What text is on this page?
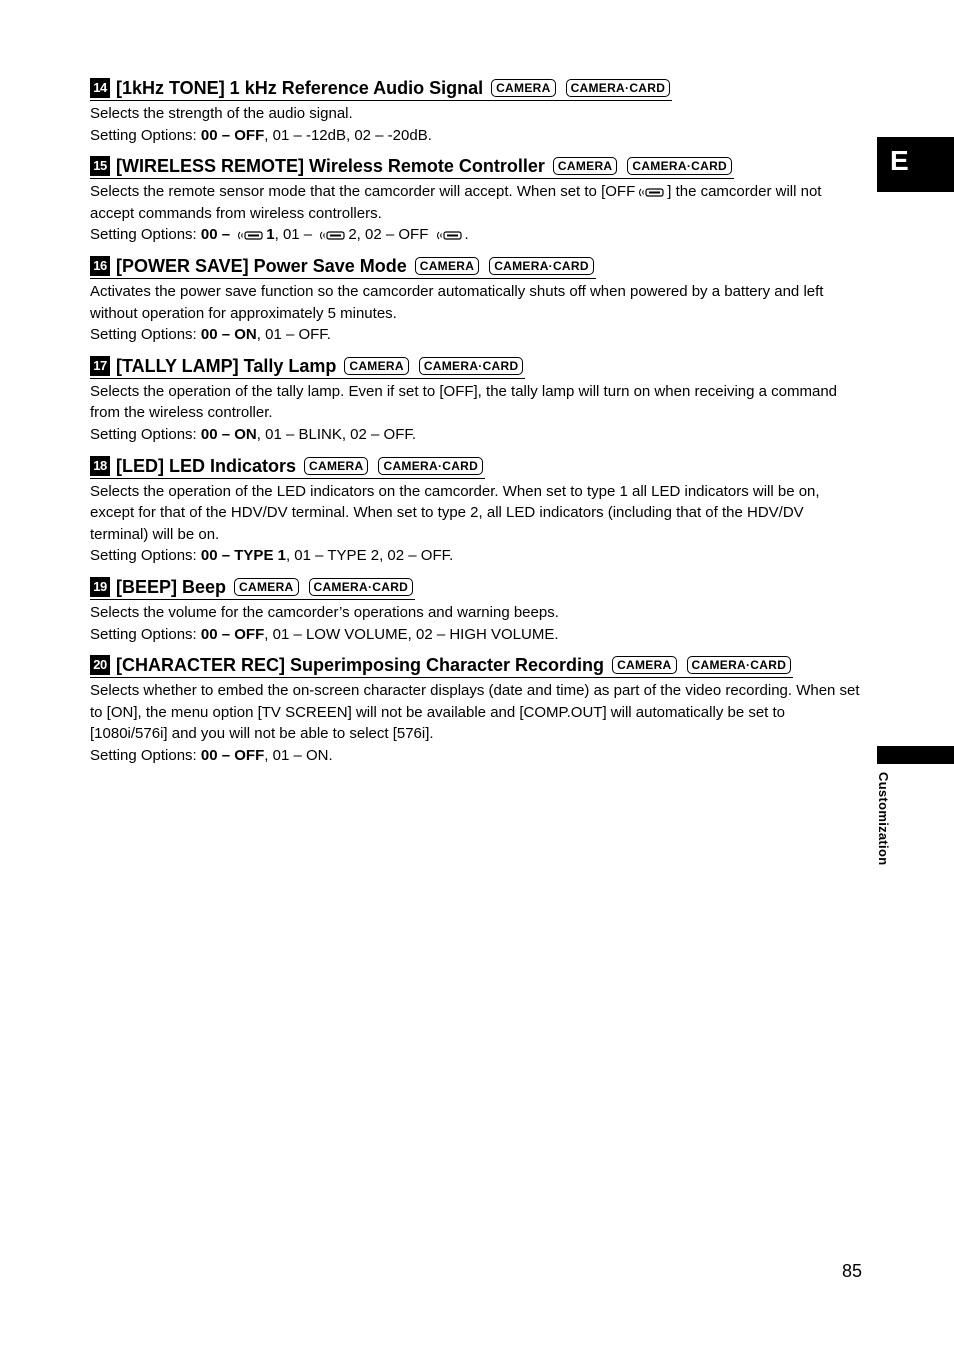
14 [1kHz TONE] 1 kHz Reference Audio Signal	CAMERA	CAMERA·CARD

Selects the strength of the audio signal.

Setting Options: 00 – OFF, 01 – -12dB, 02 – -20dB.

15 [WIRELESS REMOTE] Wireless Remote Controller	CAMERA	CAMERA·CARD

Selects the remote sensor mode that the camcorder will accept. When set to [OFF ] the camcorder will not accept commands from wireless controllers.

Setting Options: 00 – 1, 01 – 2, 02 – OFF .

16 [POWER SAVE] Power Save Mode	CAMERA	CAMERA·CARD

Activates the power save function so the camcorder automatically shuts off when powered by a battery and left without operation for approximately 5 minutes.

Setting Options: 00 – ON, 01 – OFF.

17 [TALLY LAMP] Tally Lamp	CAMERA	CAMERA·CARD

Selects the operation of the tally lamp. Even if set to [OFF], the tally lamp will turn on when receiving a command from the wireless controller.

Setting Options: 00 – ON, 01 – BLINK, 02 – OFF.

18 [LED] LED Indicators	CAMERA	CAMERA·CARD

Selects the operation of the LED indicators on the camcorder. When set to type 1 all LED indicators will be on, except for that of the HDV/DV terminal. When set to type 2, all LED indicators (including that of the HDV/DV terminal) will be on.

Setting Options: 00 – TYPE 1, 01 – TYPE 2, 02 – OFF.

19 [BEEP] Beep	CAMERA	CAMERA·CARD

Selects the volume for the camcorder’s operations and warning beeps.

Setting Options: 00 – OFF, 01 – LOW VOLUME, 02 – HIGH VOLUME.

20 [CHARACTER REC] Superimposing Character Recording	CAMERA	CAMERA·CARD

Selects whether to embed the on-screen character displays (date and time) as part of the video recording. When set to [ON], the menu option [TV SCREEN] will not be available and [COMP.OUT] will automatically be set to [1080i/576i] and you will not be able to select [576i].

Setting Options: 00 – OFF, 01 – ON.

E
Customization
85
